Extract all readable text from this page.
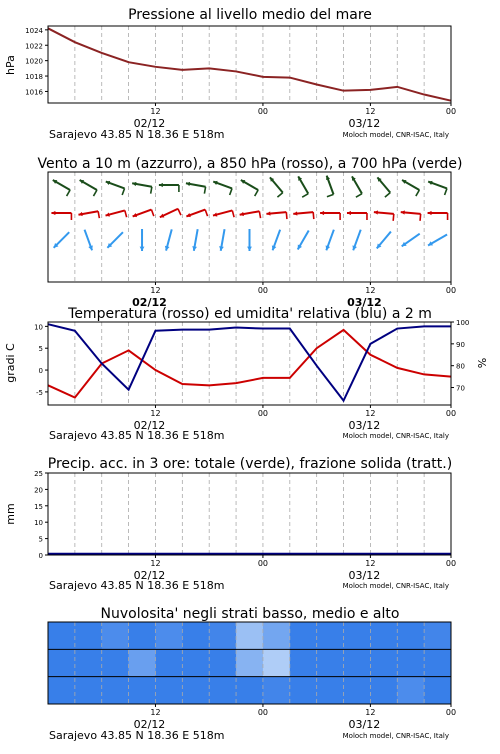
Pressione al livello medio del mare
hPa
1016
1018
1020
1022
1024
12	00	12	00
02/12	03/12
Sarajevo 43.85 N 18.36 E 518m	Moloch model, CNR-ISAC, Italy
Vento a 10 m (azzurro), a 850 hPa (rosso), a 700 hPa (verde)
12	00	12	00
02/12	03/12
Temperatura (rosso) ed umidita' relativa (blu) a 2 m
gradi C	%
-5
0
5
10
70
80
90
100
12	00	12	00
02/12	03/12
Sarajevo 43.85 N 18.36 E 518m	Moloch model, CNR-ISAC, Italy
Precip. acc. in 3 ore: totale (verde), frazione solida (tratt.)
mm
0
5
10
15
20
25
12	00	12	00
02/12	03/12
Sarajevo 43.85 N 18.36 E 518m	Moloch model, CNR-ISAC, Italy
Nuvolosita' negli strati basso, medio e alto
12	00	12	00
02/12	03/12
Sarajevo 43.85 N 18.36 E 518m	Moloch model, CNR-ISAC, Italy
